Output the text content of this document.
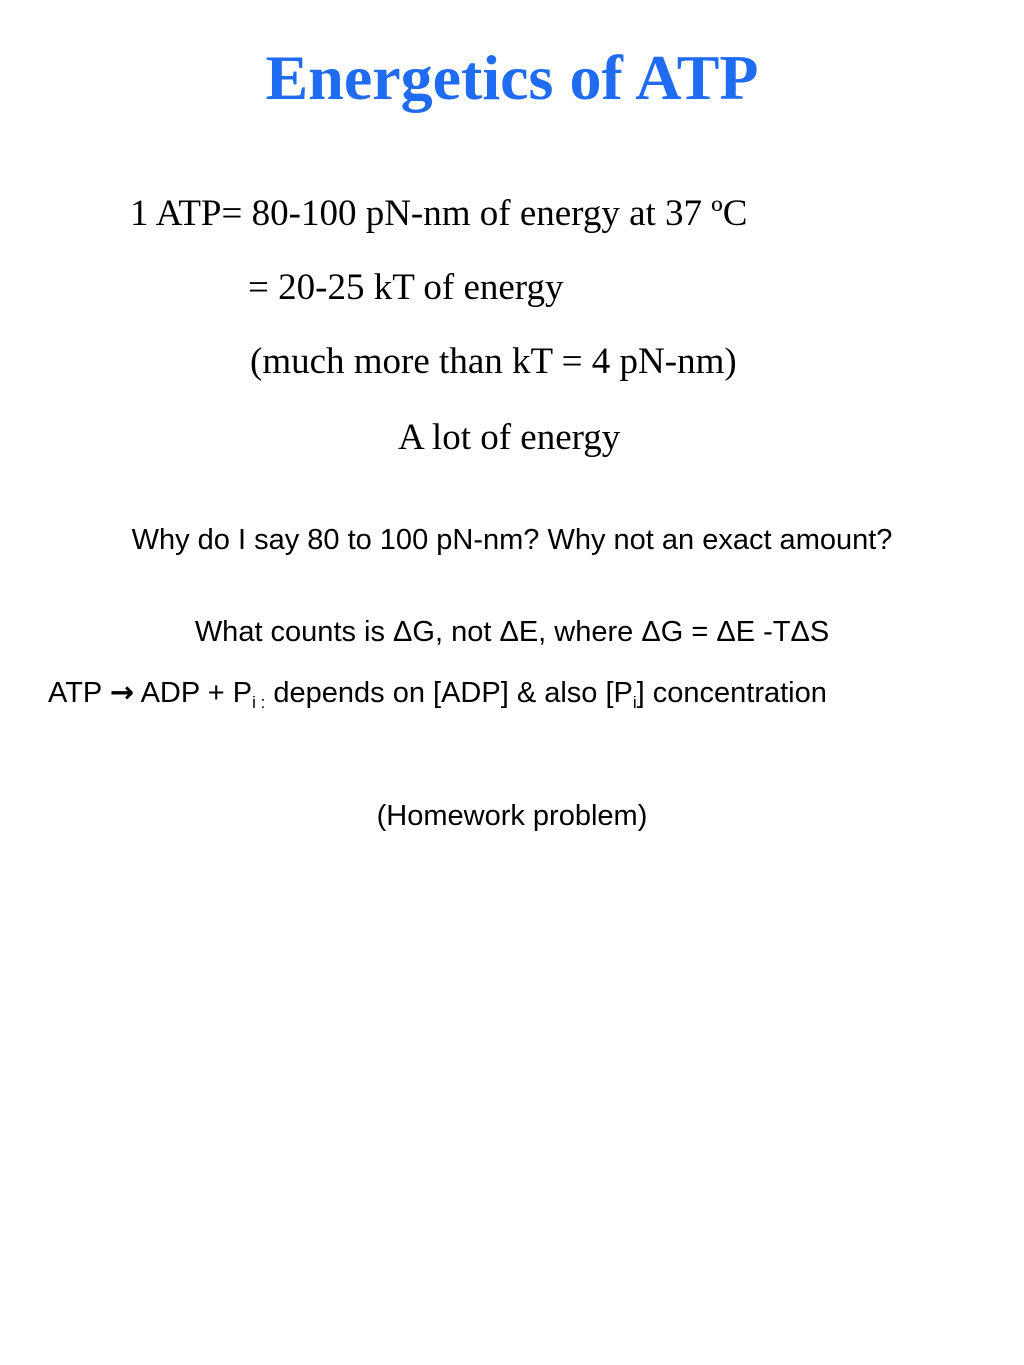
Energetics of ATP
1 ATP= 80-100 pN-nm of energy at 37 ºC
= 20-25 kT of energy
(much more than kT = 4 pN-nm)
A lot of energy
Why do I say 80 to 100 pN-nm? Why not an exact amount?
What counts is ΔG, not ΔE, where ΔG = ΔE -TΔS
ATP → ADP + $P_{i :}$ depends on [ADP] & also $[P_i]$ concentration
(Homework problem)
